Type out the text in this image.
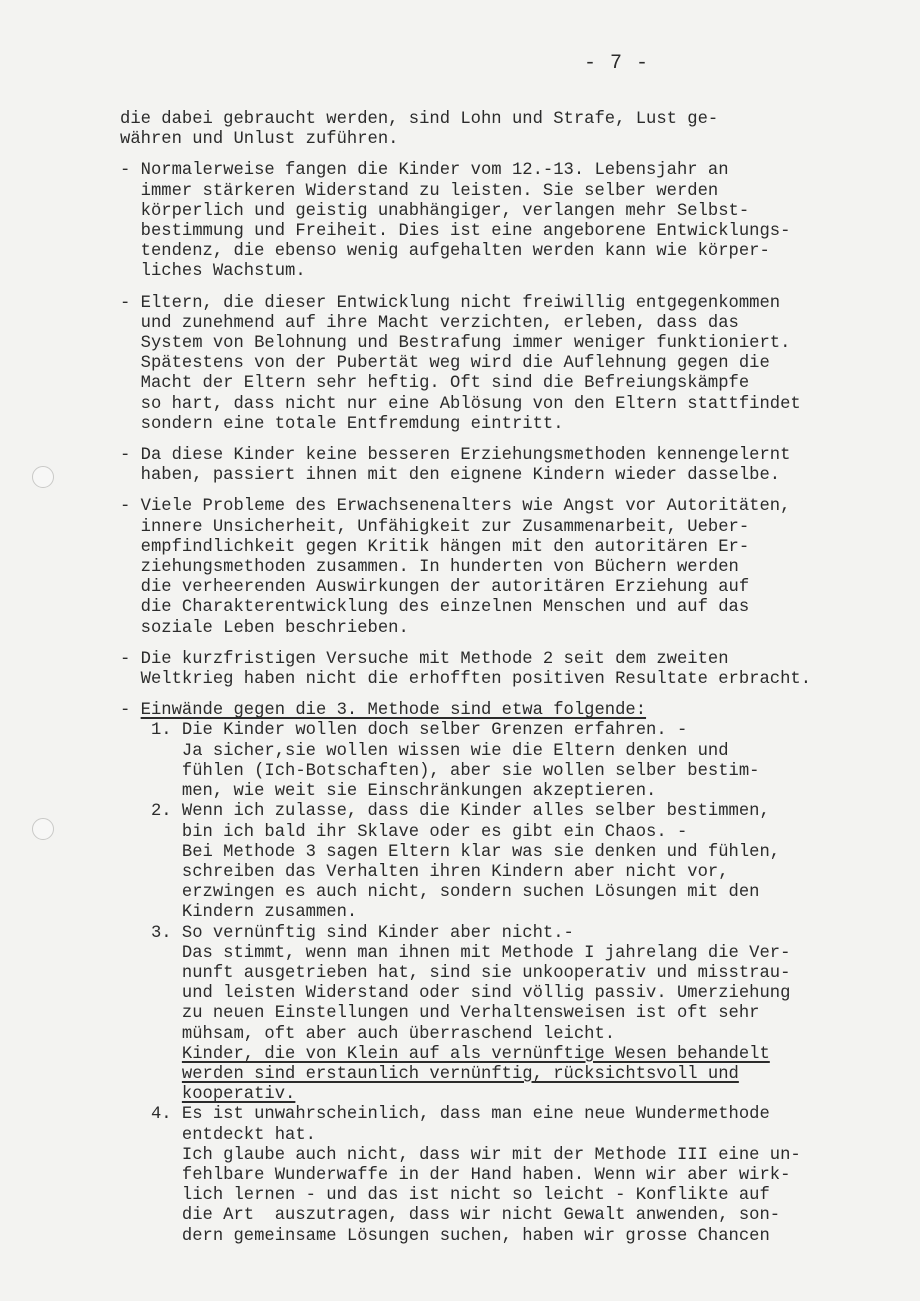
- 7 -
die dabei gebraucht werden, sind Lohn und Strafe, Lust ge-
währen und Unlust zuführen.
- Normalerweise fangen die Kinder vom 12.-13. Lebensjahr an
immer stärkeren Widerstand zu leisten. Sie selber werden
körperlich und geistig unabhängiger, verlangen mehr Selbst-
bestimmung und Freiheit. Dies ist eine angeborene Entwicklungs-
tendenz, die ebenso wenig aufgehalten werden kann wie körper-
liches Wachstum.
- Eltern, die dieser Entwicklung nicht freiwillig entgegenkommen
und zunehmend auf ihre Macht verzichten, erleben, dass das
System von Belohnung und Bestrafung immer weniger funktioniert.
Spätestens von der Pubertät weg wird die Auflehnung gegen die
Macht der Eltern sehr heftig. Oft sind die Befreiungskämpfe
so hart, dass nicht nur eine Ablösung von den Eltern stattfindet
sondern eine totale Entfremdung eintritt.
- Da diese Kinder keine besseren Erziehungsmethoden kennengelernt
haben, passiert ihnen mit den eignene Kindern wieder dasselbe.
- Viele Probleme des Erwachsenenalters wie Angst vor Autoritäten,
innere Unsicherheit, Unfähigkeit zur Zusammenarbeit, Ueber-
empfindlichkeit gegen Kritik hängen mit den autoritären Er-
ziehungsmethoden zusammen. In hunderten von Büchern werden
die verheerenden Auswirkungen der autoritären Erziehung auf
die Charakterentwicklung des einzelnen Menschen und auf das
soziale Leben beschrieben.
- Die kurzfristigen Versuche mit Methode 2 seit dem zweiten
Weltkrieg haben nicht die erhofften positiven Resultate erbracht.
- Einwände gegen die 3. Methode sind etwa folgende:
1. Die Kinder wollen doch selber Grenzen erfahren. -
Ja sicher,sie wollen wissen wie die Eltern denken und
fühlen (Ich-Botschaften), aber sie wollen selber bestim-
men, wie weit sie Einschränkungen akzeptieren.
2. Wenn ich zulasse, dass die Kinder alles selber bestimmen,
bin ich bald ihr Sklave oder es gibt ein Chaos. -
Bei Methode 3 sagen Eltern klar was sie denken und fühlen,
schreiben das Verhalten ihren Kindern aber nicht vor,
erzwingen es auch nicht, sondern suchen Lösungen mit den
Kindern zusammen.
3. So vernünftig sind Kinder aber nicht.-
Das stimmt, wenn man ihnen mit Methode I jahrelang die Ver-
nunft ausgetrieben hat, sind sie unkooperativ und misstrau-
und leisten Widerstand oder sind völlig passiv. Umerziehung
zu neuen Einstellungen und Verhaltensweisen ist oft sehr
mühsam, oft aber auch überraschend leicht.
Kinder, die von Klein auf als vernünftige Wesen behandelt
werden sind erstaunlich vernünftig, rücksichtsvoll und
kooperativ.
4. Es ist unwahrscheinlich, dass man eine neue Wundermethode
entdeckt hat.
Ich glaube auch nicht, dass wir mit der Methode III eine un-
fehlbare Wunderwaffe in der Hand haben. Wenn wir aber wirk-
lich lernen - und das ist nicht so leicht - Konflikte auf
die Art  auszutragen, dass wir nicht Gewalt anwenden, son-
dern gemeinsame Lösungen suchen, haben wir grosse Chancen
